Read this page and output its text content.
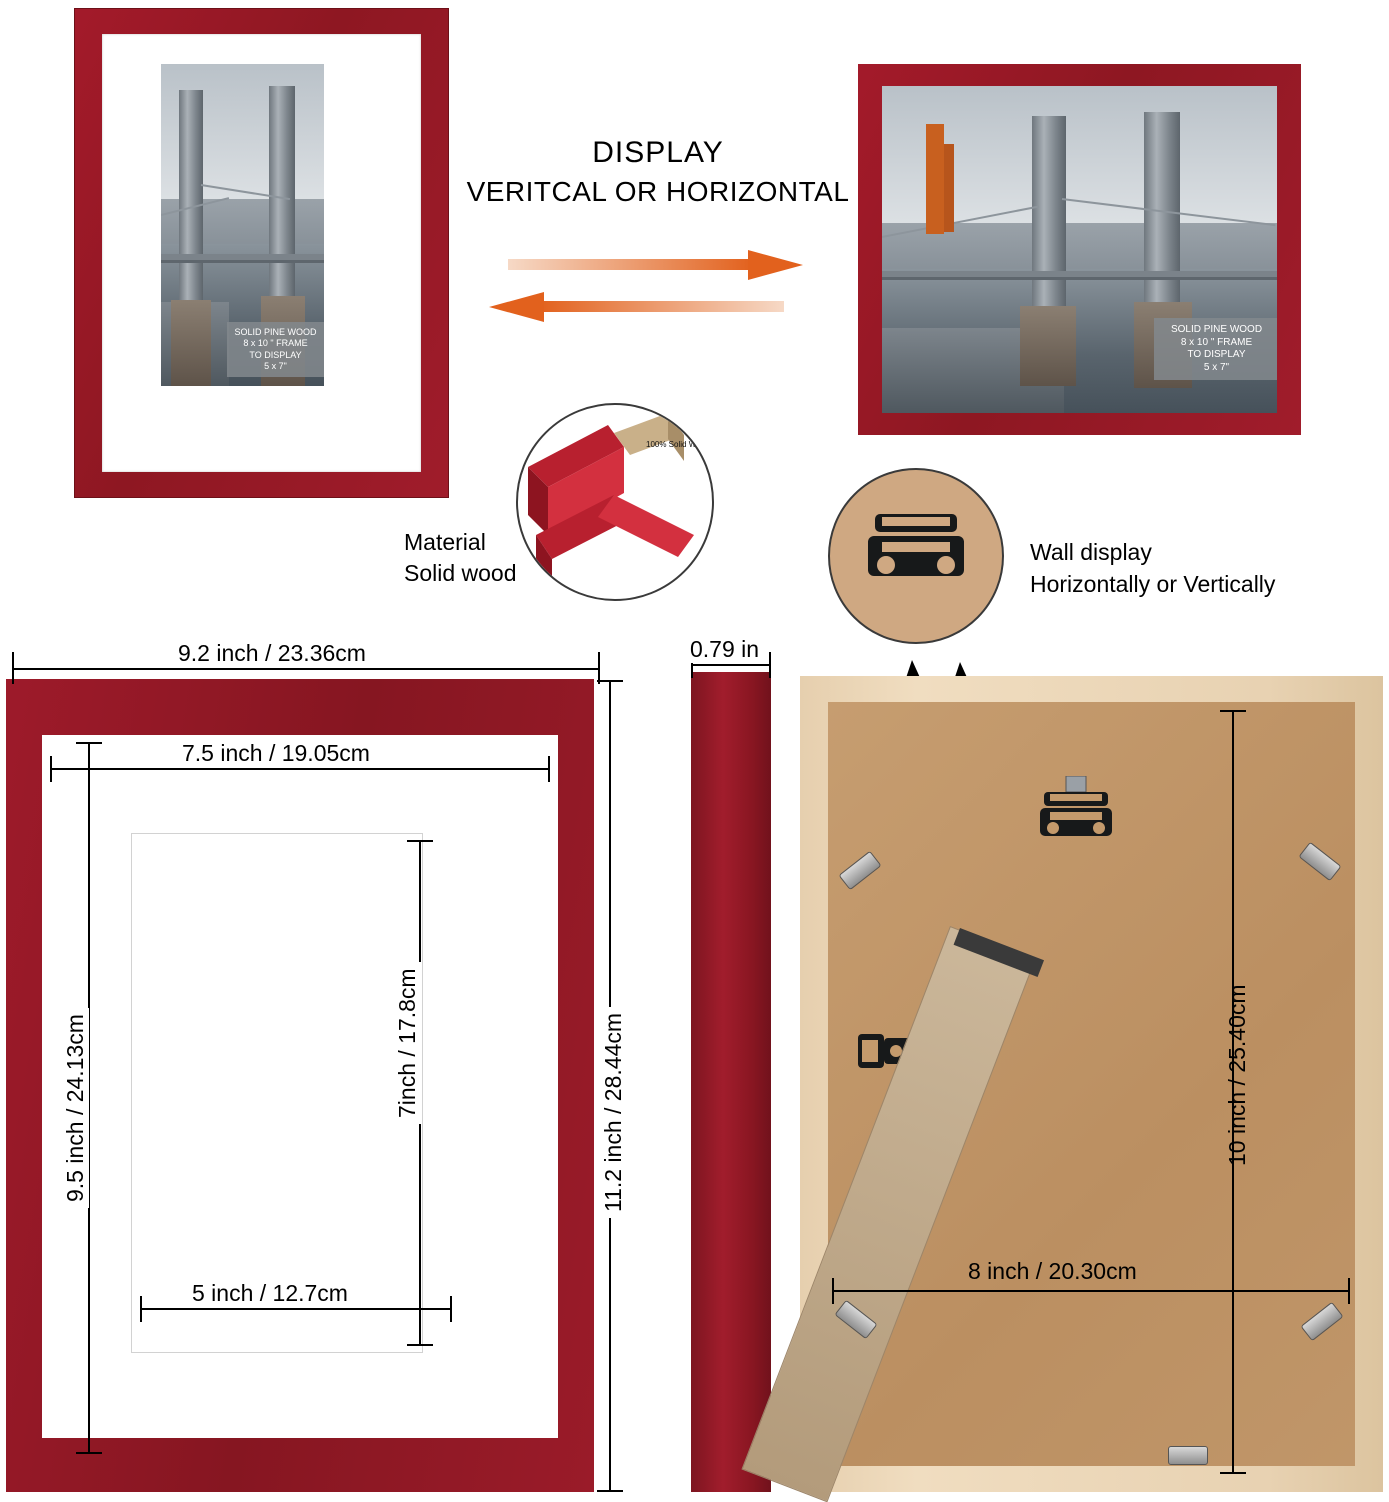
SOLID PINE WOOD
8 x 10 " FRAME
TO DISPLAY
5 x 7"
SOLID PINE WOOD
8 x 10 " FRAME
TO DISPLAY
5 x 7"
DISPLAY
VERITCAL OR HORIZONTAL
100% Solid Wood
Material
Solid wood
Wall display
Horizontally or Vertically
9.2 inch / 23.36cm
7.5 inch / 19.05cm
9.5 inch / 24.13cm	11.2 inch / 28.44cm
7inch / 17.8cm
5 inch / 12.7cm
0.79 in
10 inch / 25.40cm
8 inch / 20.30cm
